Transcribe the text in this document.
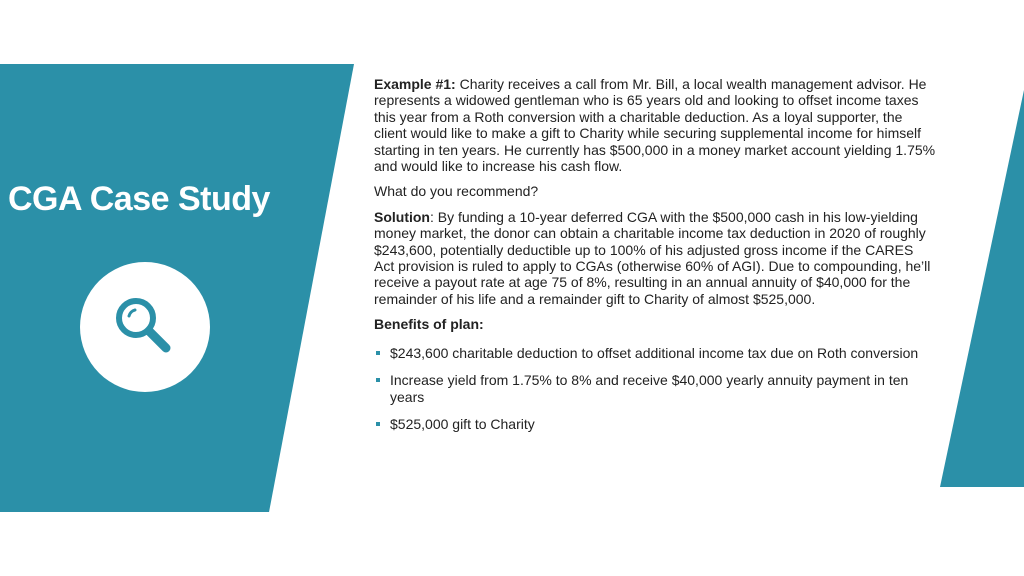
CGA Case Study

Example #1: Charity receives a call from Mr. Bill, a local wealth management advisor. He represents a widowed gentleman who is 65 years old and looking to offset income taxes this year from a Roth conversion with a charitable deduction. As a loyal supporter, the client would like to make a gift to Charity while securing supplemental income for himself starting in ten years. He currently has $500,000 in a money market account yielding 1.75% and would like to increase his cash flow.

What do you recommend?

Solution: By funding a 10-year deferred CGA with the $500,000 cash in his low-yielding money market, the donor can obtain a charitable income tax deduction in 2020 of roughly $243,600, potentially deductible up to 100% of his adjusted gross income if the CARES Act provision is ruled to apply to CGAs (otherwise 60% of AGI). Due to compounding, he’ll receive a payout rate at age 75 of 8%, resulting in an annual annuity of $40,000 for the remainder of his life and a remainder gift to Charity of almost $525,000.

Benefits of plan:

$243,600 charitable deduction to offset additional income tax due on Roth conversion
Increase yield from 1.75% to 8% and receive $40,000 yearly annuity payment in ten years
$525,000 gift to Charity
